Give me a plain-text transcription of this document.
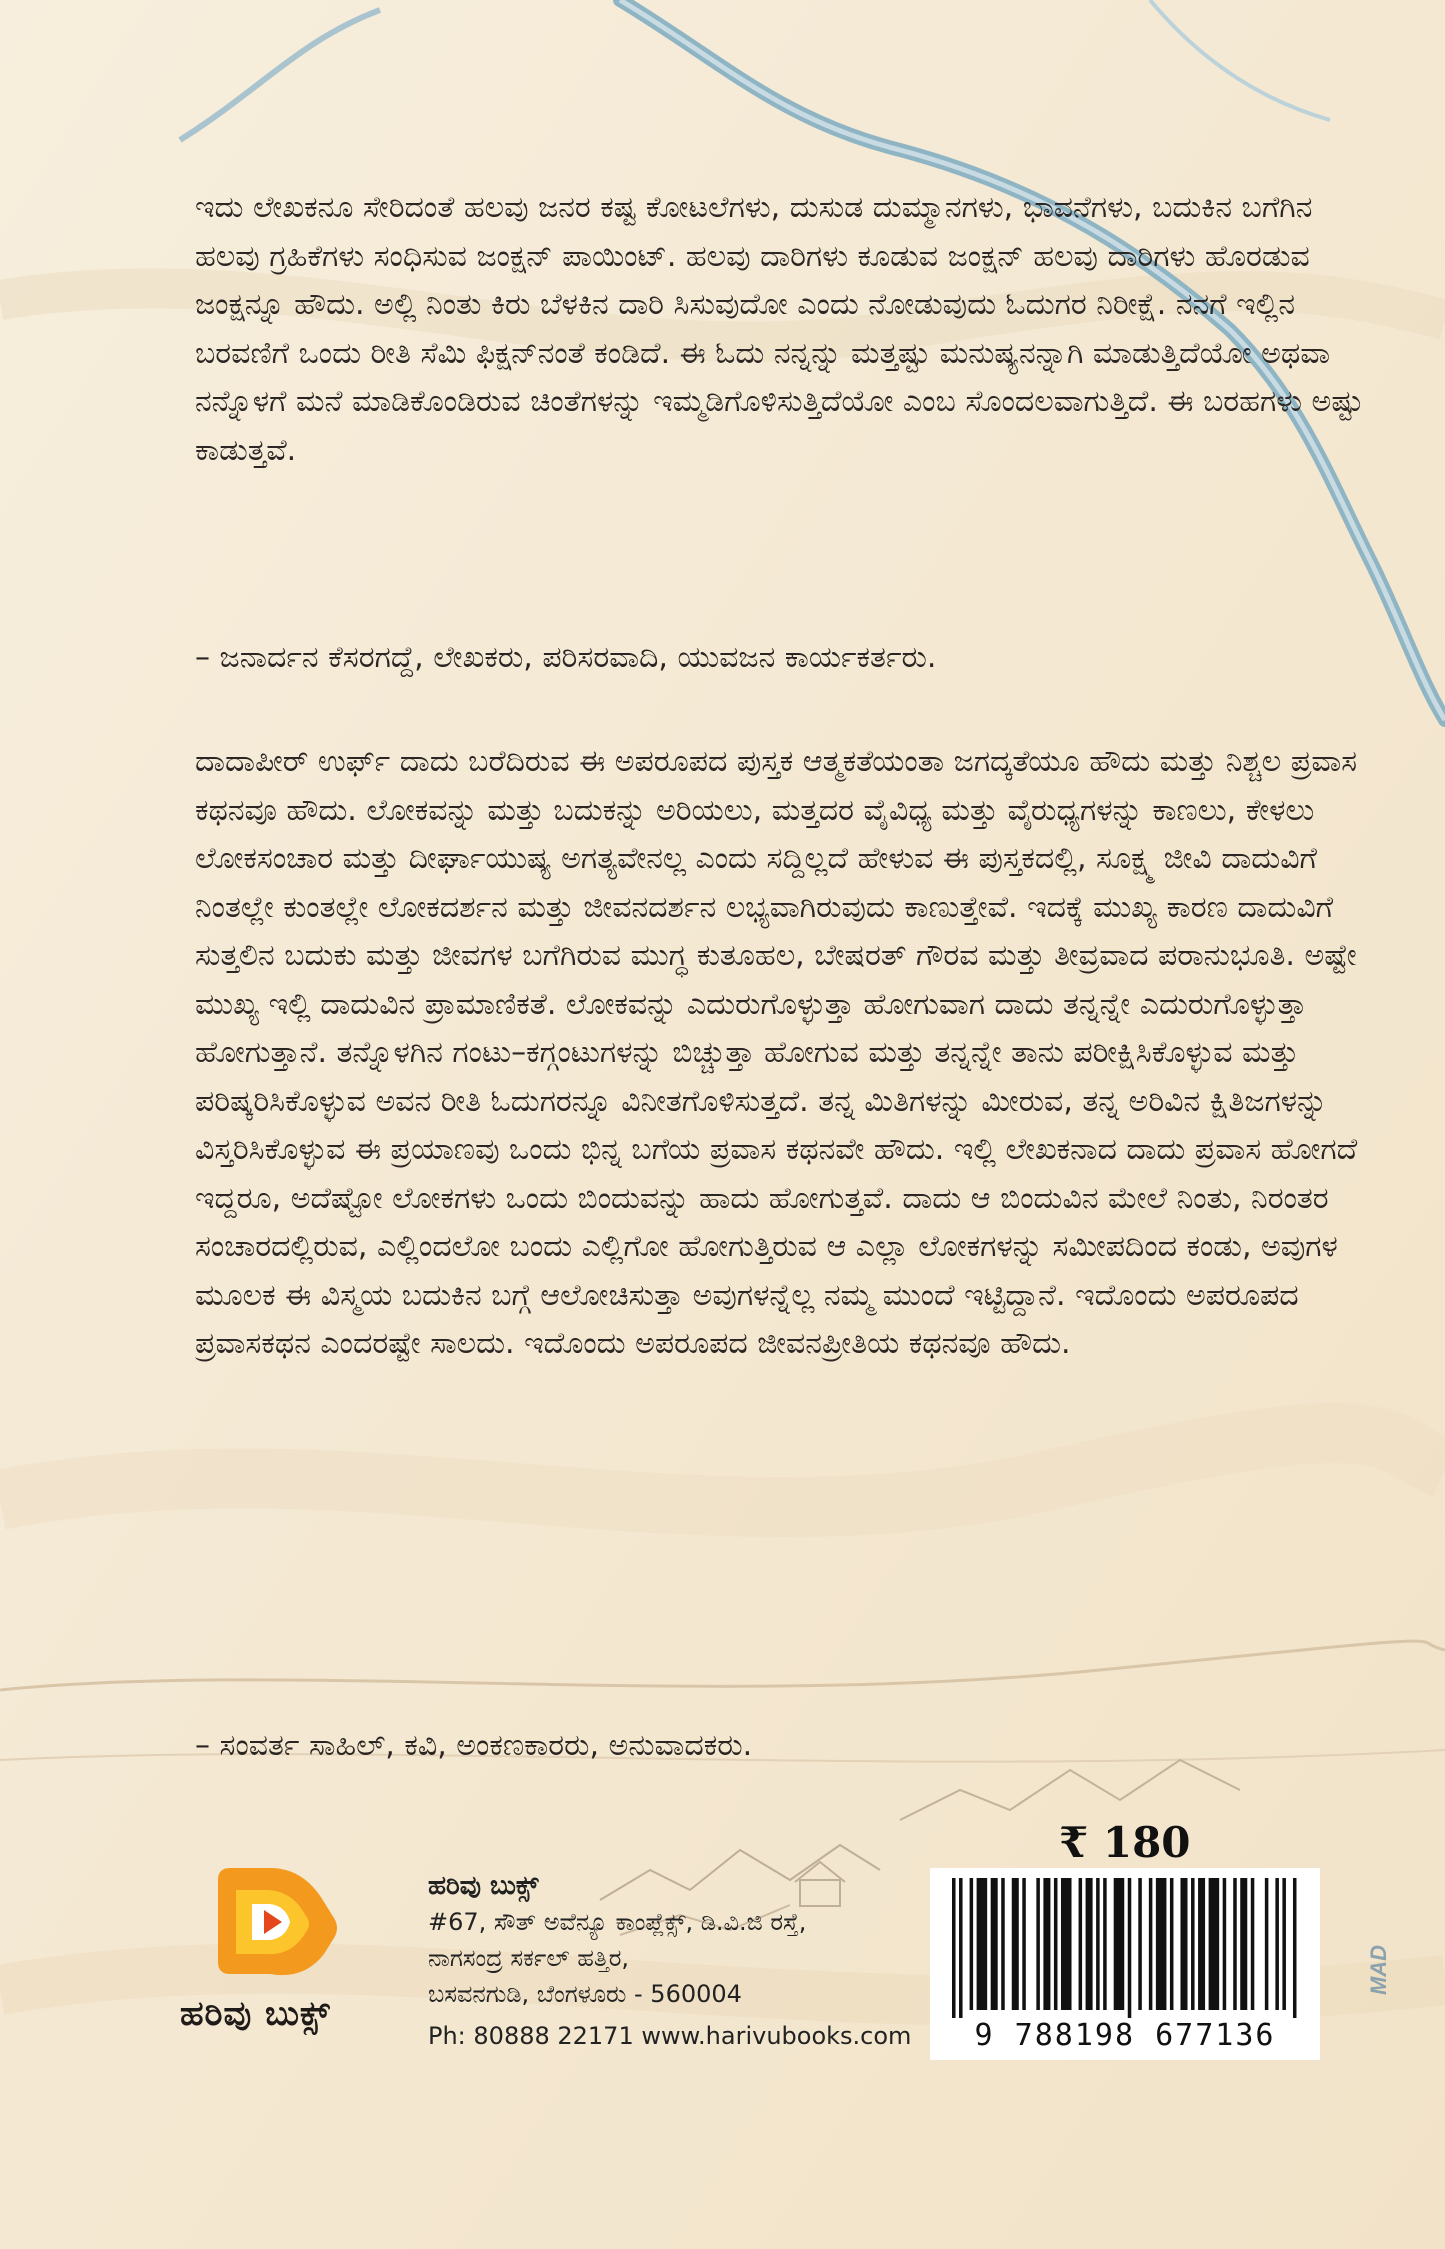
ಇದು ಲೇಖಕನೂ ಸೇರಿದಂತೆ ಹಲವು ಜನರ ಕಷ್ಟ ಕೋಟಲೆಗಳು, ದುಸುಡ ದುಮ್ಮಾನಗಳು, ಭಾವನೆಗಳು, ಬದುಕಿನ ಬಗೆಗಿನ ಹಲವು ಗ್ರಹಿಕೆಗಳು ಸಂಧಿಸುವ ಜಂಕ್ಷನ್ ಪಾಯಿಂಟ್. ಹಲವು ದಾರಿಗಳು ಕೂಡುವ ಜಂಕ್ಷನ್ ಹಲವು ದಾರಿಗಳು ಹೊರಡುವ ಜಂಕ್ಷನ್ನೂ ಹೌದು. ಅಲ್ಲಿ ನಿಂತು ಕಿರು ಬೆಳಕಿನ ದಾರಿ ಸಿಸುವುದೋ ಎಂದು ನೋಡುವುದು ಓದುಗರ ನಿರೀಕ್ಷೆ. ನನಗೆ ಇಲ್ಲಿನ ಬರವಣಿಗೆ ಒಂದು ರೀತಿ ಸೆಮಿ ಫಿಕ್ಷನ್‌ನಂತೆ ಕಂಡಿದೆ. ಈ ಓದು ನನ್ನನ್ನು ಮತ್ತಷ್ಟು ಮನುಷ್ಯನನ್ನಾಗಿ ಮಾಡುತ್ತಿದೆಯೋ ಅಥವಾ ನನ್ನೊಳಗೆ ಮನೆ ಮಾಡಿಕೊಂಡಿರುವ ಚಿಂತೆಗಳನ್ನು ಇಮ್ಮಡಿಗೊಳಿಸುತ್ತಿದೆಯೋ ಎಂಬ ಸೊಂದಲವಾಗುತ್ತಿದೆ. ಈ ಬರಹಗಳು ಅಷ್ಟು ಕಾಡುತ್ತವೆ.

– ಜನಾರ್ದನ ಕೆಸರಗದ್ದೆ, ಲೇಖಕರು, ಪರಿಸರವಾದಿ, ಯುವಜನ ಕಾರ್ಯಕರ್ತರು.

ದಾದಾಪೀರ್ ಉರ್ಫ್ ದಾದು ಬರೆದಿರುವ ಈ ಅಪರೂಪದ ಪುಸ್ತಕ ಆತ್ಮಕತೆಯಂತಾ ಜಗದ್ಕತೆಯೂ ಹೌದು ಮತ್ತು ನಿಶ್ಚಲ ಪ್ರವಾಸ ಕಥನವೂ ಹೌದು. ಲೋಕವನ್ನು ಮತ್ತು ಬದುಕನ್ನು ಅರಿಯಲು, ಮತ್ತದರ ವೈವಿಧ್ಯ ಮತ್ತು ವೈರುಧ್ಯಗಳನ್ನು ಕಾಣಲು, ಕೇಳಲು ಲೋಕಸಂಚಾರ ಮತ್ತು ದೀರ್ಘಾಯುಷ್ಯ ಅಗತ್ಯವೇನಲ್ಲ ಎಂದು ಸದ್ದಿಲ್ಲದೆ ಹೇಳುವ ಈ ಪುಸ್ತಕದಲ್ಲಿ, ಸೂಕ್ಷ್ಮ ಜೀವಿ ದಾದುವಿಗೆ ನಿಂತಲ್ಲೇ ಕುಂತಲ್ಲೇ ಲೋಕದರ್ಶನ ಮತ್ತು ಜೀವನದರ್ಶನ ಲಭ್ಯವಾಗಿರುವುದು ಕಾಣುತ್ತೇವೆ. ಇದಕ್ಕೆ ಮುಖ್ಯ ಕಾರಣ ದಾದುವಿಗೆ ಸುತ್ತಲಿನ ಬದುಕು ಮತ್ತು ಜೀವಗಳ ಬಗೆಗಿರುವ ಮುಗ್ಧ ಕುತೂಹಲ, ಬೇಷರತ್ ಗೌರವ ಮತ್ತು ತೀವ್ರವಾದ ಪರಾನುಭೂತಿ. ಅಷ್ಟೇ ಮುಖ್ಯ ಇಲ್ಲಿ ದಾದುವಿನ ಪ್ರಾಮಾಣಿಕತೆ. ಲೋಕವನ್ನು ಎದುರುಗೊಳ್ಳುತ್ತಾ ಹೋಗುವಾಗ ದಾದು ತನ್ನನ್ನೇ ಎದುರುಗೊಳ್ಳುತ್ತಾ ಹೋಗುತ್ತಾನೆ. ತನ್ನೊಳಗಿನ ಗಂಟು–ಕಗ್ಗಂಟುಗಳನ್ನು ಬಿಚ್ಚುತ್ತಾ ಹೋಗುವ ಮತ್ತು ತನ್ನನ್ನೇ ತಾನು ಪರೀಕ್ಷಿಸಿಕೊಳ್ಳುವ ಮತ್ತು ಪರಿಷ್ಕರಿಸಿಕೊಳ್ಳುವ ಅವನ ರೀತಿ ಓದುಗರನ್ನೂ ವಿನೀತಗೊಳಿಸುತ್ತದೆ. ತನ್ನ ಮಿತಿಗಳನ್ನು ಮೀರುವ, ತನ್ನ ಅರಿವಿನ ಕ್ಷಿತಿಜಗಳನ್ನು ವಿಸ್ತರಿಸಿಕೊಳ್ಳುವ ಈ ಪ್ರಯಾಣವು ಒಂದು ಭಿನ್ನ ಬಗೆಯ ಪ್ರವಾಸ ಕಥನವೇ ಹೌದು. ಇಲ್ಲಿ ಲೇಖಕನಾದ ದಾದು ಪ್ರವಾಸ ಹೋಗದೆ ಇದ್ದರೂ, ಅದೆಷ್ಟೋ ಲೋಕಗಳು ಒಂದು ಬಿಂದುವನ್ನು ಹಾದು ಹೋಗುತ್ತವೆ. ದಾದು ಆ ಬಿಂದುವಿನ ಮೇಲೆ ನಿಂತು, ನಿರಂತರ ಸಂಚಾರದಲ್ಲಿರುವ, ಎಲ್ಲಿಂದಲೋ ಬಂದು ಎಲ್ಲಿಗೋ ಹೋಗುತ್ತಿರುವ ಆ ಎಲ್ಲಾ ಲೋಕಗಳನ್ನು ಸಮೀಪದಿಂದ ಕಂಡು, ಅವುಗಳ ಮೂಲಕ ಈ ವಿಸ್ಮಯ ಬದುಕಿನ ಬಗ್ಗೆ ಆಲೋಚಿಸುತ್ತಾ ಅವುಗಳನ್ನೆಲ್ಲ ನಮ್ಮ ಮುಂದೆ ಇಟ್ಟಿದ್ದಾನೆ. ಇದೊಂದು ಅಪರೂಪದ ಪ್ರವಾಸಕಥನ ಎಂದರಷ್ಟೇ ಸಾಲದು. ಇದೊಂದು ಅಪರೂಪದ ಜೀವನಪ್ರೀತಿಯ ಕಥನವೂ ಹೌದು.

– ಸಂವರ್ತ ಸಾಹಿಲ್, ಕವಿ, ಅಂಕಣಕಾರರು, ಅನುವಾದಕರು.

ಹರಿವು ಬುಕ್ಸ್
ಹರಿವು ಬುಕ್ಸ್
#67, ಸೌತ್ ಅವೆನ್ಯೂ ಕಾಂಪ್ಲೆಕ್ಸ್, ಡಿ.ವಿ.ಜಿ ರಸ್ತೆ,
ನಾಗಸಂದ್ರ ಸರ್ಕಲ್ ಹತ್ತಿರ,
ಬಸವನಗುಡಿ, ಬೆಂಗಳೂರು - 560004
Ph: 80888 22171 www.harivubooks.com
₹ 180
9 788198 677136
MAD
